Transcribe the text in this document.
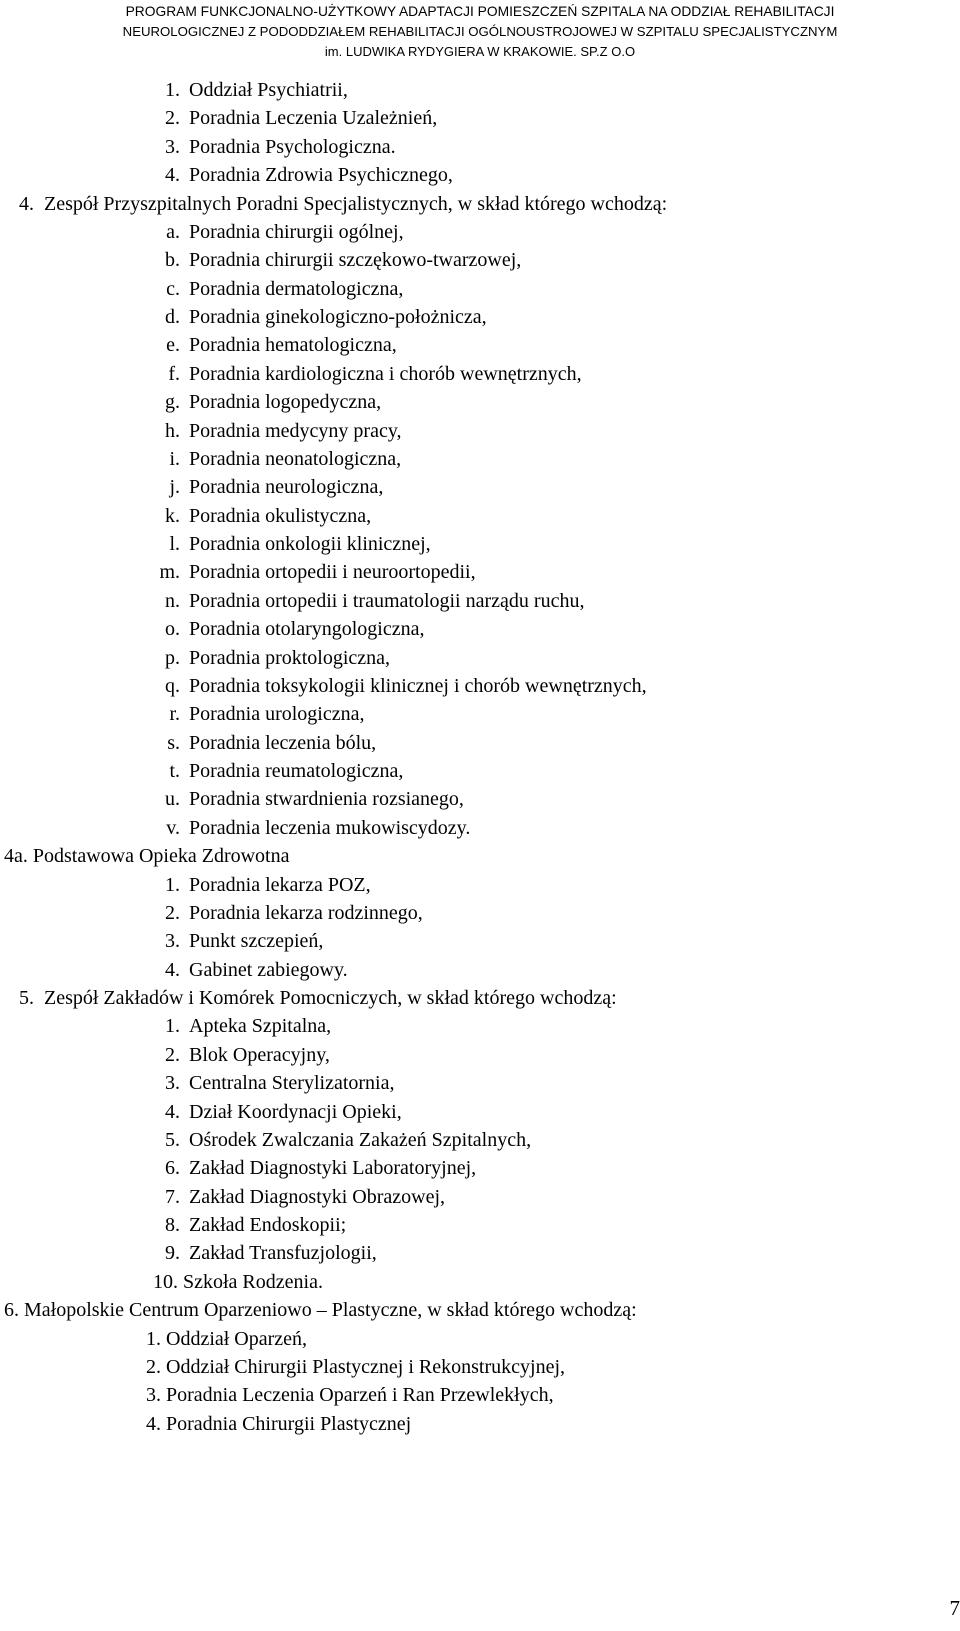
PROGRAM FUNKCJONALNO-UŻYTKOWY ADAPTACJI POMIESZCZEŃ SZPITALA NA ODDZIAŁ REHABILITACJI
NEUROLOGICZNEJ Z PODODDZIAŁEM REHABILITACJI OGÓLNOUSTROJOWEJ W SZPITALU SPECJALISTYCZNYM
im. LUDWIKA RYDYGIERA W KRAKOWIE. SP.Z O.O
1. Oddział Psychiatrii,
2. Poradnia Leczenia Uzależnień,
3. Poradnia Psychologiczna.
4. Poradnia Zdrowia Psychicznego,
4. Zespół Przyszpitalnych Poradni Specjalistycznych, w skład którego wchodzą:
a. Poradnia chirurgii ogólnej,
b. Poradnia chirurgii szczękowo-twarzowej,
c. Poradnia dermatologiczna,
d. Poradnia ginekologiczno-położnicza,
e. Poradnia hematologiczna,
f. Poradnia kardiologiczna i chorób wewnętrznych,
g. Poradnia logopedyczna,
h. Poradnia medycyny pracy,
i. Poradnia neonatologiczna,
j. Poradnia neurologiczna,
k. Poradnia okulistyczna,
l. Poradnia onkologii klinicznej,
m. Poradnia ortopedii i neuroortopedii,
n. Poradnia ortopedii i traumatologii narządu ruchu,
o. Poradnia otolaryngologiczna,
p. Poradnia proktologiczna,
q. Poradnia toksykologii klinicznej i chorób wewnętrznych,
r. Poradnia urologiczna,
s. Poradnia leczenia bólu,
t. Poradnia reumatologiczna,
u. Poradnia stwardnienia rozsianego,
v. Poradnia leczenia mukowiscydozy.
4a. Podstawowa Opieka Zdrowotna
1. Poradnia lekarza POZ,
2. Poradnia lekarza rodzinnego,
3. Punkt szczepień,
4. Gabinet zabiegowy.
5. Zespół Zakładów i Komórek Pomocniczych, w skład którego wchodzą:
1. Apteka Szpitalna,
2. Blok Operacyjny,
3. Centralna Sterylizatornia,
4. Dział Koordynacji Opieki,
5. Ośrodek Zwalczania Zakażeń Szpitalnych,
6. Zakład Diagnostyki Laboratoryjnej,
7. Zakład Diagnostyki Obrazowej,
8. Zakład Endoskopii;
9. Zakład Transfuzjologii,
10. Szkoła Rodzenia.
6. Małopolskie Centrum Oparzeniowo – Plastyczne, w skład którego wchodzą:
1. Oddział Oparzeń,
2. Oddział Chirurgii Plastycznej i Rekonstrukcyjnej,
3. Poradnia Leczenia Oparzeń i Ran Przewlekłych,
4. Poradnia Chirurgii Plastycznej
7
